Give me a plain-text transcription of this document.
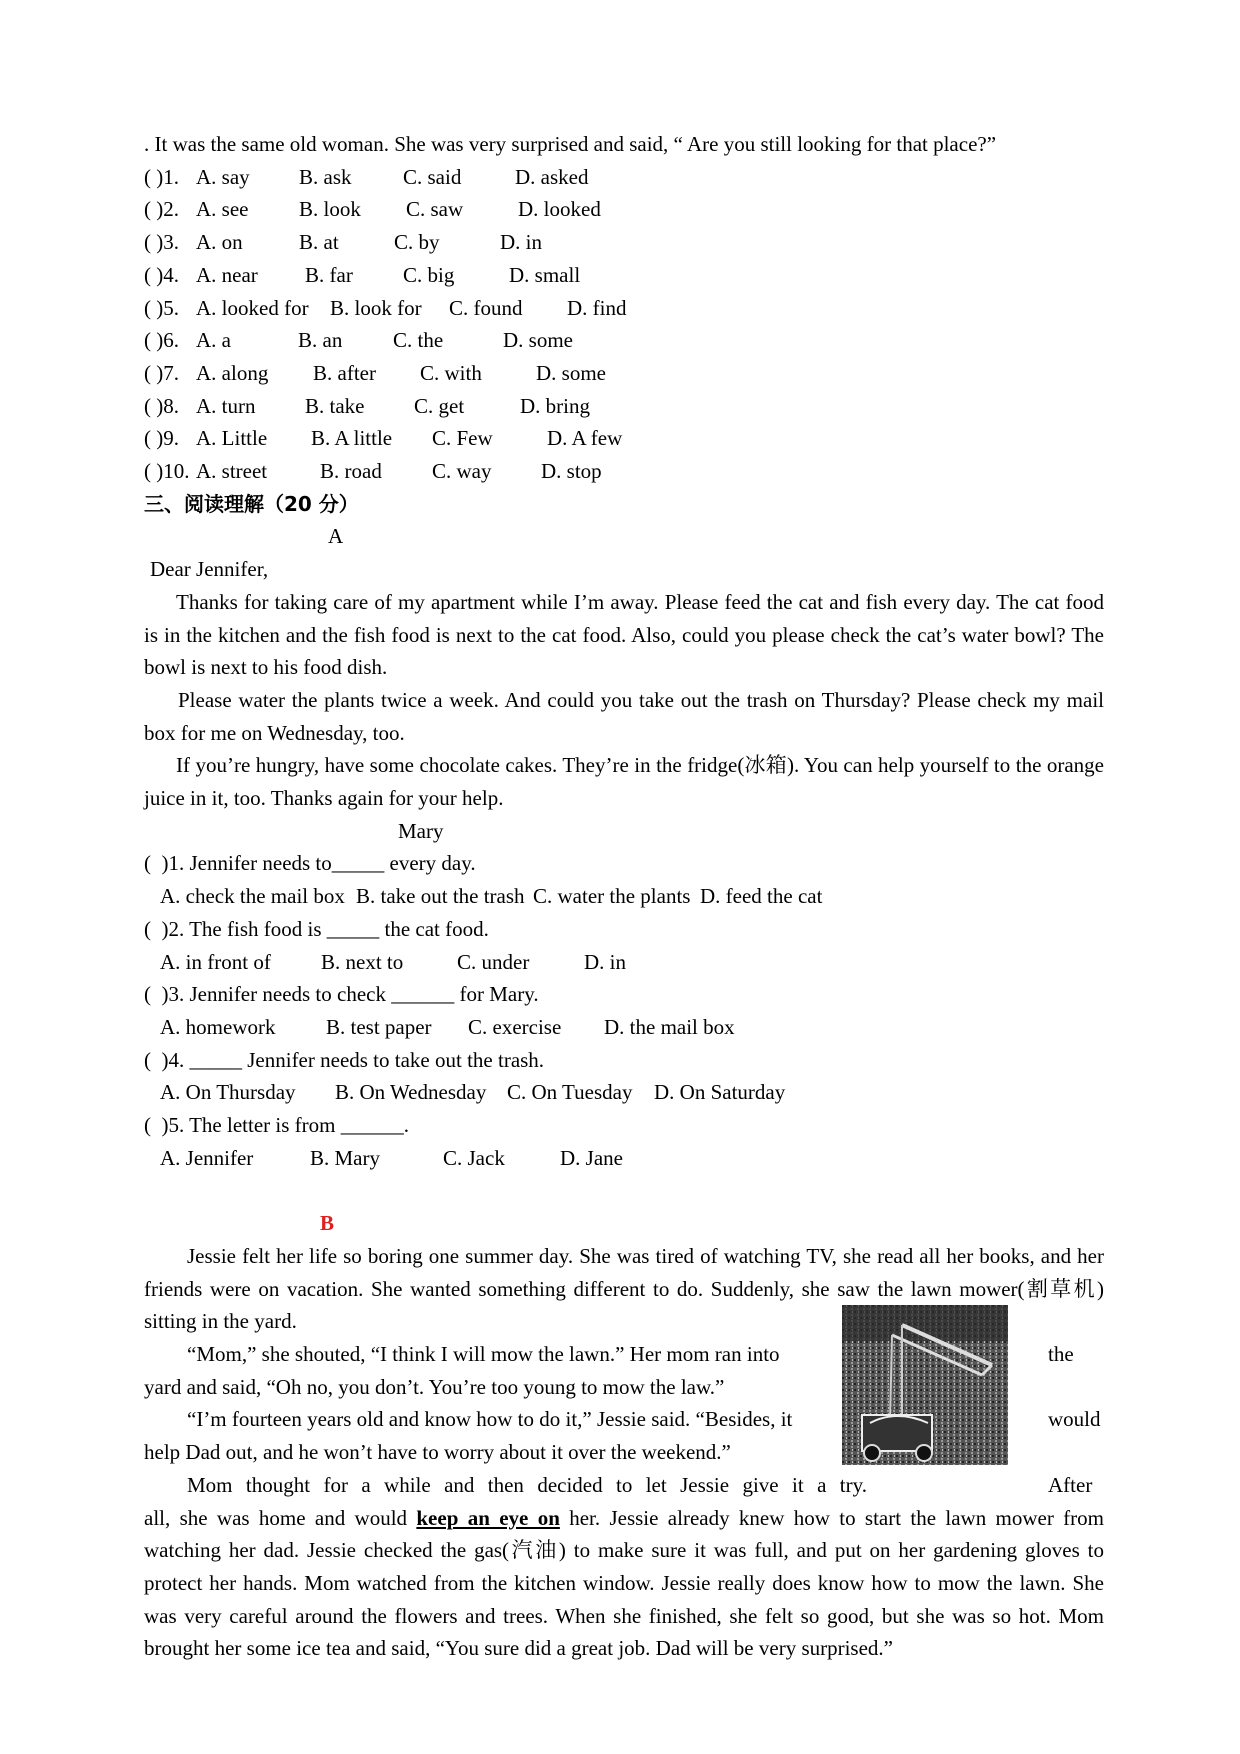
. It was the same old woman. She was very surprised and said, “ Are you still looking for that place?”
( )1. A. say	B. ask	C. said	D. asked
( )2. A. see	B. look	C. saw	D. looked
( )3. A. on	B. at	C. by	D. in
( )4. A. near	B. far	C. big	D. small
( )5. A. looked for	B. look for	C. found	D. find
( )6. A. a	B. an	C. the	D. some
( )7. A. along	B. after	C. with	D. some
( )8. A. turn	B. take	C. get	D. bring
( )9. A. Little	B. A little	C. Few	D. A few
( )10. A. street	B. road	C. way	D. stop
三、阅读理解（20 分）
A
Dear Jennifer,
Thanks for taking care of my apartment while I’m away. Please feed the cat and fish every day. The cat food is in the kitchen and the fish food is next to the cat food. Also, could you please check the cat’s water bowl? The bowl is next to his food dish.
Please water the plants twice a week. And could you take out the trash on Thursday? Please check my mail box for me on Wednesday, too.
If you’re hungry, have some chocolate cakes. They’re in the fridge(冰箱). You can help yourself to the orange juice in it, too. Thanks again for your help.
Mary
(  )1. Jennifer needs to_____ every day.
A. check the mail box B. take out the trash C. water the plants D. feed the cat
(  )2. The fish food is _____ the cat food.
A. in front of B. next to	C. under	D. in
(  )3. Jennifer needs to check ______ for Mary.
A. homework B. test paper C. exercise D. the mail box
(  )4. _____ Jennifer needs to take out the trash.
A. On Thursday B. On Wednesday C. On Tuesday D. On Saturday
(  )5. The letter is from ______.
A. Jennifer	B. Mary	C. Jack	D. Jane
B
Jessie felt her life so boring one summer day. She was tired of watching TV, she read all her books, and her friends were on vacation. She wanted something different to do. Suddenly, she saw the lawn mower(割草机) sitting in the yard.
“Mom,” she shouted, “I think I will mow the lawn.” Her mom ran into	the
yard and said, “Oh no, you don’t. You’re too young to mow the law.”
“I’m fourteen years old and know how to do it,” Jessie said. “Besides, it	would
help Dad out, and he won’t have to worry about it over the weekend.”
Mom thought for a while and then decided to let Jessie give it a try.	After
all, she was home and would keep an eye on her. Jessie already knew how to start the lawn mower from watching her dad. Jessie checked the gas(汽油) to make sure it was full, and put on her gardening gloves to protect her hands. Mom watched from the kitchen window. Jessie really does know how to mow the lawn. She was very careful around the flowers and trees. When she finished, she felt so good, but she was so hot. Mom brought her some ice tea and said, “You sure did a great job. Dad will be very surprised.”
